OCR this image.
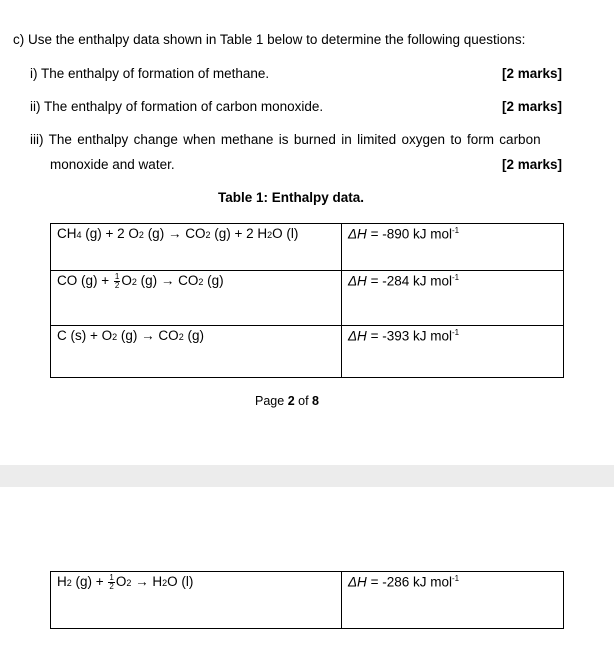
c) Use the enthalpy data shown in Table 1 below to determine the following questions:
i) The enthalpy of formation of methane.	[2 marks]
ii) The enthalpy of formation of carbon monoxide.	[2 marks]
iii) The enthalpy change when methane is burned in limited oxygen to form carbon
monoxide and water.	[2 marks]
Table 1: Enthalpy data.
CH4 (g) + 2 O2 (g) → CO2 (g) + 2 H2O (l)	ΔH = -890 kJ mol$^{-1}$
CO $(g) + \frac{1}{2} O2$ (g) → CO2 (g)	ΔH = -284 kJ mol$^{-1}$
C (s) + O2 (g) → CO2 (g)	ΔH = -393 kJ mol$^{-1}$
Page 2 of 8
H2 $(g) + \frac{1}{2} O2 \to H2O$ (l)	ΔH = -286 kJ mol$^{-1}$
